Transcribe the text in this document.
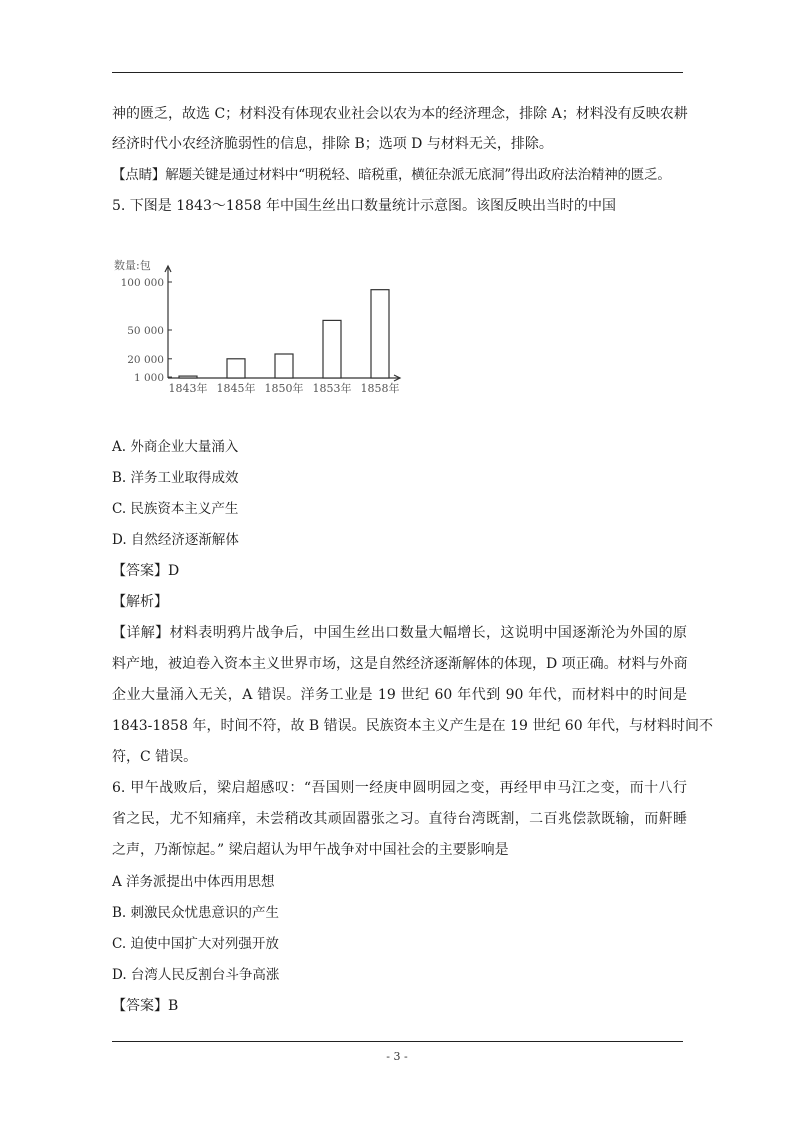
神的匮乏，故选 C；材料没有体现农业社会以农为本的经济理念，排除 A；材料没有反映农耕
经济时代小农经济脆弱性的信息，排除 B；选项 D 与材料无关，排除。
【点睛】解题关键是通过材料中“明税轻、暗税重，横征杂派无底洞”得出政府法治精神的匮乏。
5. 下图是 1843～1858 年中国生丝出口数量统计示意图。该图反映出当时的中国
数量:包
1 000
20 000
50 000
100 000
1843年 1845年 1850年 1853年 1858年
A. 外商企业大量涌入
B. 洋务工业取得成效
C. 民族资本主义产生
D. 自然经济逐渐解体
【答案】D
【解析】
【详解】材料表明鸦片战争后，中国生丝出口数量大幅增长，这说明中国逐渐沦为外国的原
料产地，被迫卷入资本主义世界市场，这是自然经济逐渐解体的体现，D 项正确。材料与外商
企业大量涌入无关，A 错误。洋务工业是 19 世纪 60 年代到 90 年代，而材料中的时间是
1843-1858 年，时间不符，故 B 错误。民族资本主义产生是在 19 世纪 60 年代，与材料时间不
符，C 错误。
6. 甲午战败后，梁启超感叹：“吾国则一经庚申圆明园之变，再经甲申马江之变，而十八行
省之民，尤不知痛痒，未尝稍改其顽固嚣张之习。直待台湾既割，二百兆偿款既输，而鼾睡
之声，乃渐惊起。” 梁启超认为甲午战争对中国社会的主要影响是
A 洋务派提出中体西用思想
B. 刺激民众忧患意识的产生
C. 迫使中国扩大对列强开放
D. 台湾人民反割台斗争高涨
【答案】B
- 3 -
